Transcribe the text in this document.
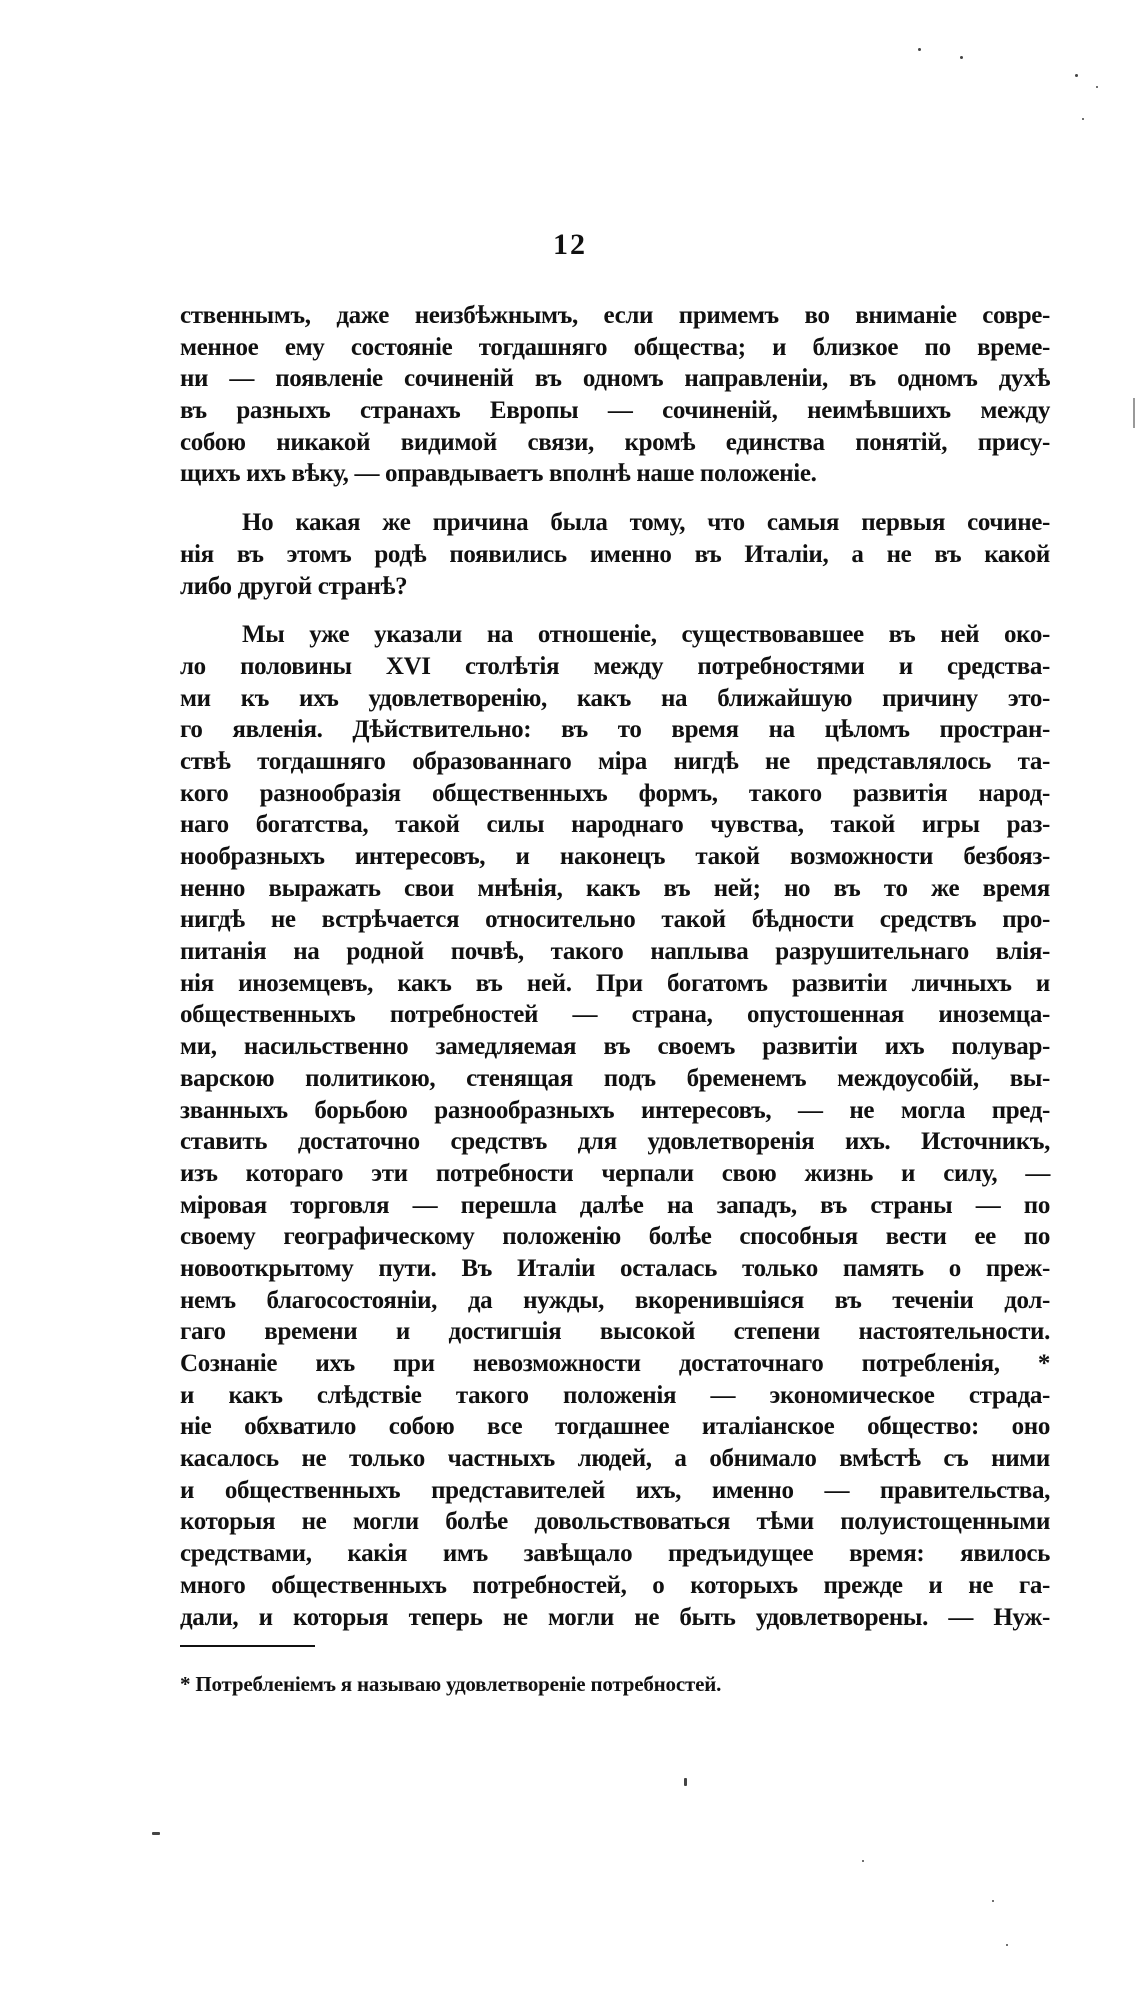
12
ственнымъ, даже неизбѣжнымъ, если примемъ во вниманіе совре-
менное ему состояніе тогдашняго общества; и близкое по време-
ни — появленіе сочиненій въ одномъ направленіи, въ одномъ духѣ
въ разныхъ странахъ Европы — сочиненій, неимѣвшихъ между
собою никакой видимой связи, кромѣ единства понятій, прису-
щихъ ихъ вѣку, — оправдываетъ вполнѣ наше положеніе.
Но какая же причина была тому, что самыя первыя сочине-
нія въ этомъ родѣ появились именно въ Италіи, а не въ какой
либо другой странѣ?
Мы уже указали на отношеніе, существовавшее въ ней око-
ло половины XVI столѣтія между потребностями и средства-
ми къ ихъ удовлетворенію, какъ на ближайшую причину это-
го явленія. Дѣйствительно: въ то время на цѣломъ простран-
ствѣ тогдашняго образованнаго міра нигдѣ не представлялось та-
кого разнообразія общественныхъ формъ, такого развитія народ-
наго богатства, такой силы народнаго чувства, такой игры раз-
нообразныхъ интересовъ, и наконецъ такой возможности безбояз-
ненно выражать свои мнѣнія, какъ въ ней; но въ то же время
нигдѣ не встрѣчается относительно такой бѣдности средствъ про-
питанія на родной почвѣ, такого наплыва разрушительнаго влія-
нія иноземцевъ, какъ въ ней. При богатомъ развитіи личныхъ и
общественныхъ потребностей — страна, опустошенная иноземца-
ми, насильственно замедляемая въ своемъ развитіи ихъ полувар-
варскою политикою, стенящая подъ бременемъ междоусобій, вы-
званныхъ борьбою разнообразныхъ интересовъ, — не могла пред-
ставить достаточно средствъ для удовлетворенія ихъ. Источникъ,
изъ котораго эти потребности черпали свою жизнь и силу, —
міровая торговля — перешла далѣе на западъ, въ страны — по
своему географическому положенію болѣе способныя вести ее по
новооткрытому пути. Въ Италіи осталась только память о преж-
немъ благосостояніи, да нужды, вкоренившіяся въ теченіи дол-
гаго времени и достигшія высокой степени настоятельности.
Сознаніе ихъ при невозможности достаточнаго потребленія, *
и какъ слѣдствіе такого положенія — экономическое страда-
ніе обхватило собою все тогдашнее италіанское общество: оно
касалось не только частныхъ людей, а обнимало вмѣстѣ съ ними
и общественныхъ представителей ихъ, именно — правительства,
которыя не могли болѣе довольствоваться тѣми полуистощенными
средствами, какія имъ завѣщало предъидущее время: явилось
много общественныхъ потребностей, о которыхъ прежде и не га-
дали, и которыя теперь не могли не быть удовлетворены. — Нуж-
* Потребленіемъ я называю удовлетвореніе потребностей.
